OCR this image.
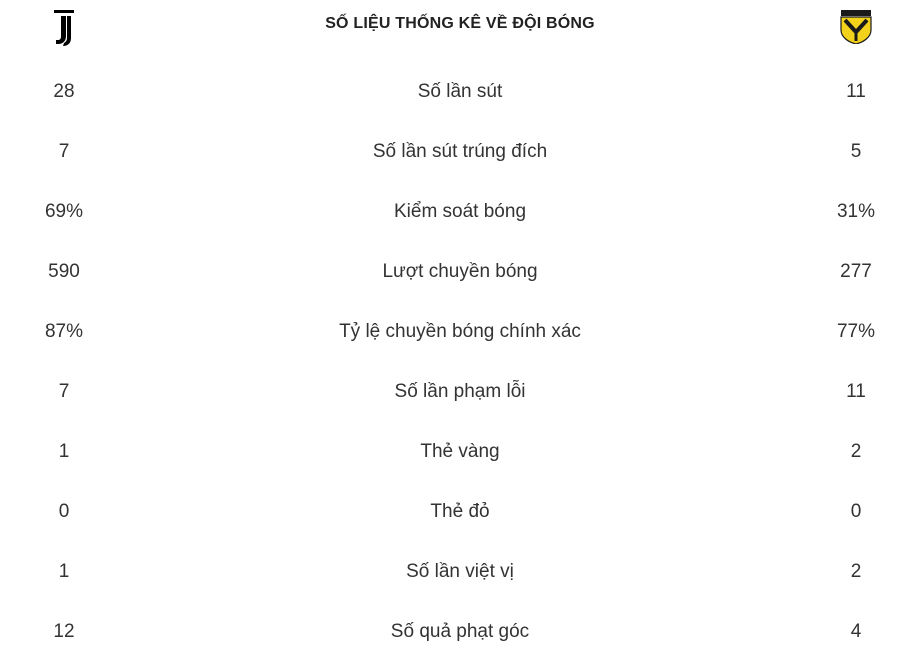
SỐ LIỆU THỐNG KÊ VỀ ĐỘI BÓNG
28	Số lần sút	11
7	Số lần sút trúng đích	5
69%	Kiểm soát bóng	31%
590	Lượt chuyền bóng	277
87%	Tỷ lệ chuyền bóng chính xác	77%
7	Số lần phạm lỗi	11
1	Thẻ vàng	2
0	Thẻ đỏ	0
1	Số lần việt vị	2
12	Số quả phạt góc	4
